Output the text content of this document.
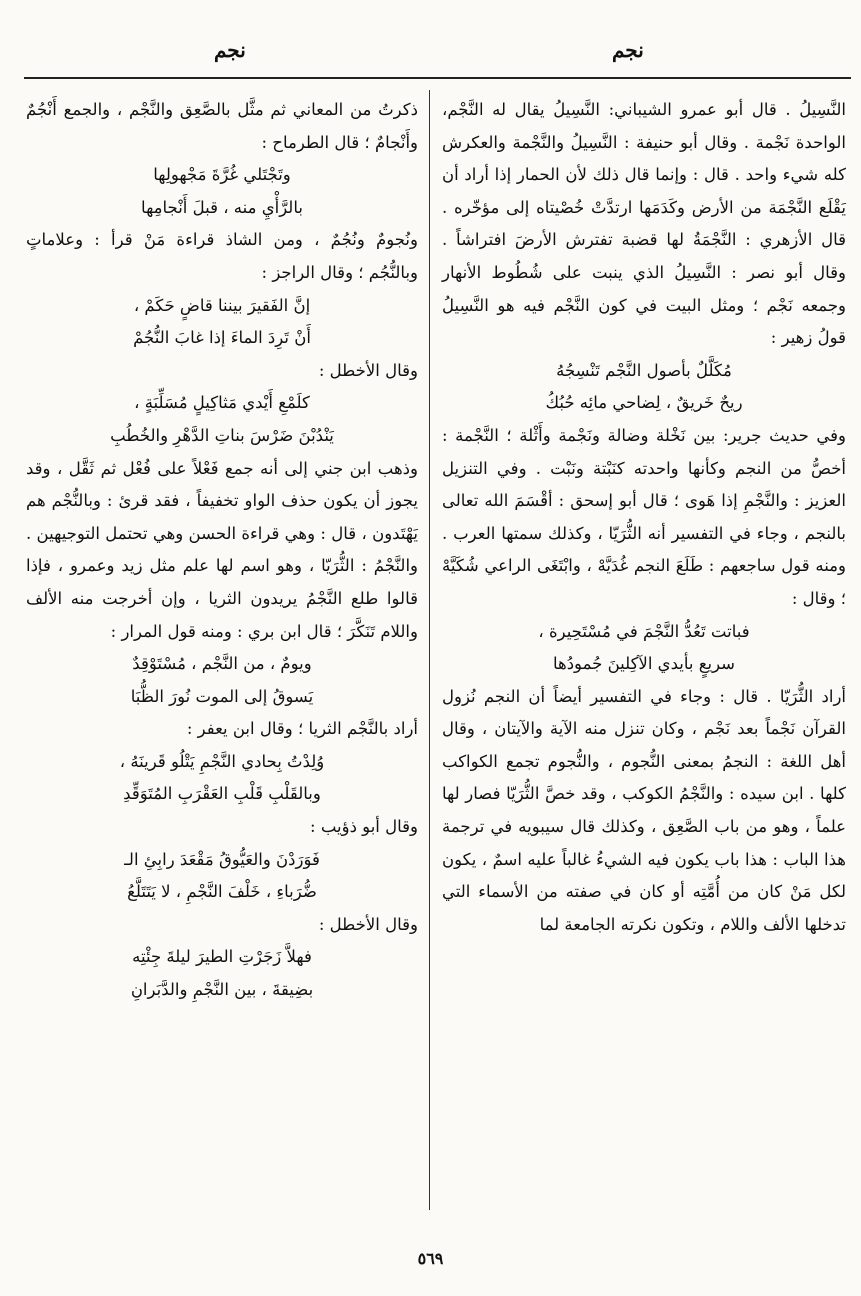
نجم
نجم

النَّسِيلُ . قال أبو عمرو الشيباني: النَّسِيلُ يقال له النَّجْم، الواحدة نَجْمة . وقال أبو حنيفة : النَّسِيلُ والنَّجْمة والعكرش كله شيء واحد . قال : وإنما قال ذلك لأن الحمار إذا أراد أن يَقْلَع النَّجْمَة من الأرض وكَدَمَها ارتدَّتْ خُصْيتاه إلى مؤخّره . قال الأزهري : النَّجْمَةُ لها قضبة تفترش الأرضَ افتراشاً . وقال أبو نصر : النَّسِيلُ الذي ينبت على شُطُوط الأنهار وجمعه نَجْم ؛ ومثل البيت في كون النَّجْم فيه هو النَّسِيلُ قولُ زهير :

مُكَلَّلٌ بأصول النَّجْم تَنْسِجُهُ

ريحٌ خَريقٌ ، لِضاحي مائِه حُبُكُ

وفي حديث جرير: بين نَخْلة وضالة ونَجْمة وأَثْلة ؛ النَّجْمة : أخصُّ من النجم وكأنها واحدته كنَبْتة ونَبْت . وفي التنزيل العزيز : والنَّجْمِ إذا هَوى ؛ قال أبو إسحق : أقْسَمَ الله تعالى بالنجم ، وجاء في التفسير أنه الثُّرَيّا ، وكذلك سمتها العرب . ومنه قول ساجعهم : طَلَعَ النجم غُدَيَّهْ ، وابْتَغَى الراعي شُكَيَّهْ ؛ وقال :

فباتت تَعُدُّ النَّجْمَ في مُسْتَحِيرة ،

سريعٍ بأيدي الآكِلينَ جُمودُها

أراد الثُّرَيّا . قال : وجاء في التفسير أيضاً أن النجم نُزول القرآن نَجْماً بعد نَجْم ، وكان تنزل منه الآية والآيتان ، وقال أهل اللغة : النجمُ بمعنى النُّجوم ، والنُّجوم تجمع الكواكب كلها . ابن سيده : والنَّجْمُ الكوكب ، وقد خصَّ الثُّرَيّا فصار لها علماً ، وهو من باب الصَّعِق ، وكذلك قال سيبويه في ترجمة هذا الباب : هذا باب يكون فيه الشيءُ غالباً عليه اسمٌ ، يكون لكل مَنْ كان من أُمَّتِه أو كان في صفته من الأسماء التي تدخلها الألف واللام ، وتكون نكرته الجامعة لما

ذكرتُ من المعاني ثم مثَّل بالصَّعِق والنَّجْم ، والجمع أَنْجُمٌ وأَنْجامٌ ؛ قال الطرماح :

وتَجْتَلي غُرَّةَ مَجْهولِها

بالرَّأْيِ منه ، قبلَ أَنْجامِها

ونُجومٌ ونُجُمٌ ، ومن الشاذ قراءة مَنْ قرأ : وعلاماتٍ وبالنُّجُم ؛ وقال الراجز :

إنَّ الفَقيرَ بيننا قاضٍ حَكَمْ ،

أَنْ تَرِدَ الماءَ إذا غابَ النُّجُمْ

وقال الأخطل :

كلَمْعِ أَيْدي مَثاكِيلٍ مُسَلِّبَةٍ ،

يَنْدُبْنَ ضَرْسَ بناتِ الدَّهْرِ والخُطُبِ

وذهب ابن جني إلى أنه جمع فَعْلاً على فُعْل ثم ثَقَّل ، وقد يجوز أن يكون حذف الواو تخفيفاً ، فقد قرئ : وبالنُّجْم هم يَهْتَدون ، قال : وهي قراءة الحسن وهي تحتمل التوجيهين . والنَّجْمُ : الثُّرَيّا ، وهو اسم لها علم مثل زيد وعمرو ، فإذا قالوا طلع النَّجْمُ يريدون الثريا ، وإن أخرجت منه الألف واللام تَنَكَّرَ ؛ قال ابن بري : ومنه قول المرار :

ويومٌ ، من النَّجْم ، مُسْتَوْقِدٌ

يَسوقُ إلى الموت نُورَ الظُّبَا

أراد بالنَّجْم الثريا ؛ وقال ابن يعفر :

وُلِدْتُ بِحادي النَّجْمِ يَتْلُو قَرينَهُ ،

وبالقَلْبِ قَلْبِ العَقْرَبِ المُتَوَقِّدِ

وقال أبو ذؤيب :

فَوَرَدْنَ والعَيُّوقُ مَقْعَدَ رابِئِ الـ

ضُّرَباءِ ، خَلْفَ النَّجْمِ ، لا يَتَتَلَّعُ

وقال الأخطل :

فهلاَّ زَجَرْتِ الطيرَ ليلةَ جِئْتِه

بضِيقةَ ، بين النَّجْمِ والدَّبَرانِ

٥٦٩
